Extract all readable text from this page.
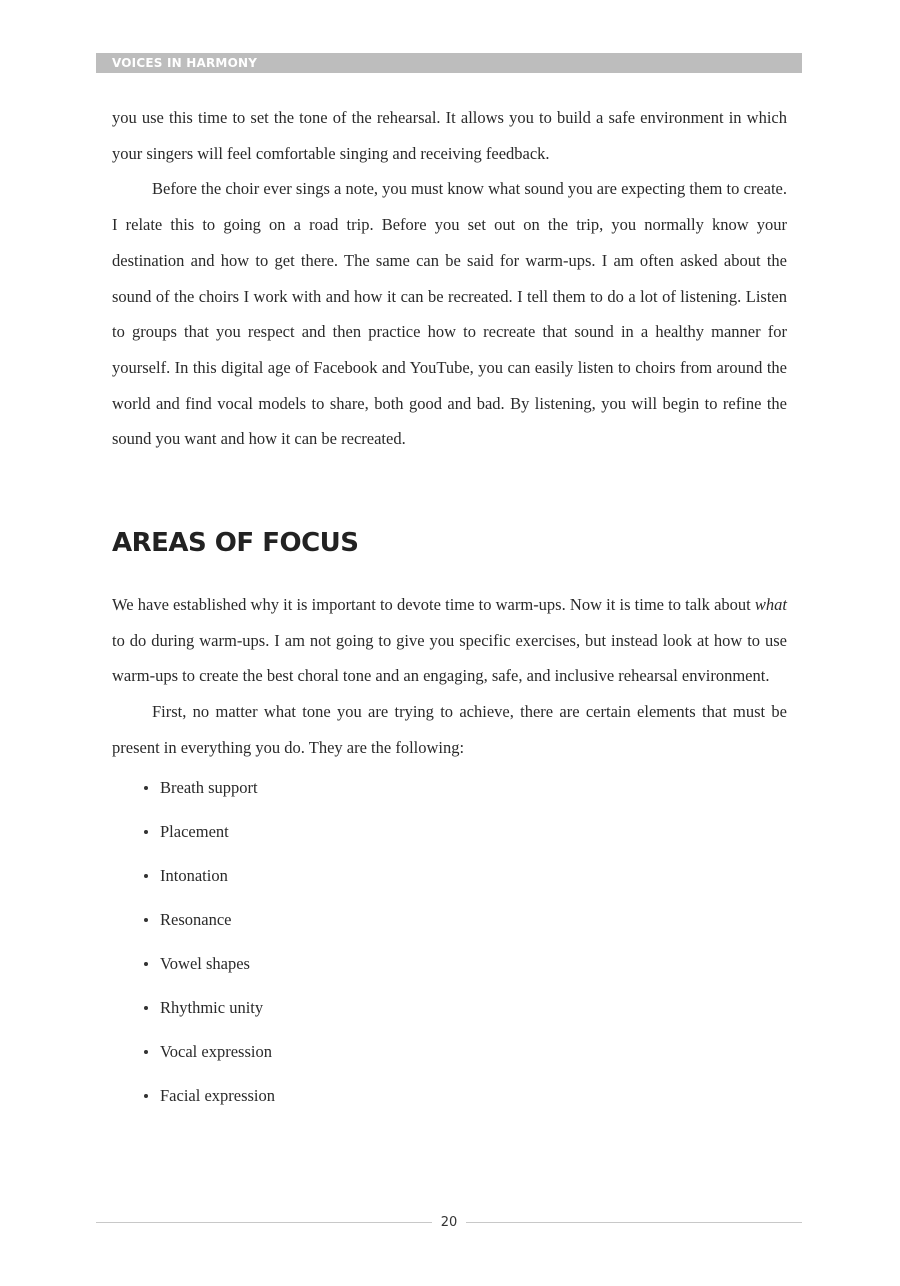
VOICES IN HARMONY

you use this time to set the tone of the rehearsal. It allows you to build a safe environment in which your singers will feel comfortable singing and receiving feedback.

Before the choir ever sings a note, you must know what sound you are expecting them to create. I relate this to going on a road trip. Before you set out on the trip, you normally know your destination and how to get there. The same can be said for warm-ups. I am often asked about the sound of the choirs I work with and how it can be recreated. I tell them to do a lot of listening. Listen to groups that you respect and then practice how to recreate that sound in a healthy manner for yourself. In this digital age of Facebook and YouTube, you can easily listen to choirs from around the world and find vocal models to share, both good and bad. By listening, you will begin to refine the sound you want and how it can be recreated.

AREAS OF FOCUS

We have established why it is important to devote time to warm-ups. Now it is time to talk about what to do during warm-ups. I am not going to give you specific exercises, but instead look at how to use warm-ups to create the best choral tone and an engaging, safe, and inclusive rehearsal environment.

First, no matter what tone you are trying to achieve, there are certain elements that must be present in everything you do. They are the following:

Breath support
Placement
Intonation
Resonance
Vowel shapes
Rhythmic unity
Vocal expression
Facial expression
20
